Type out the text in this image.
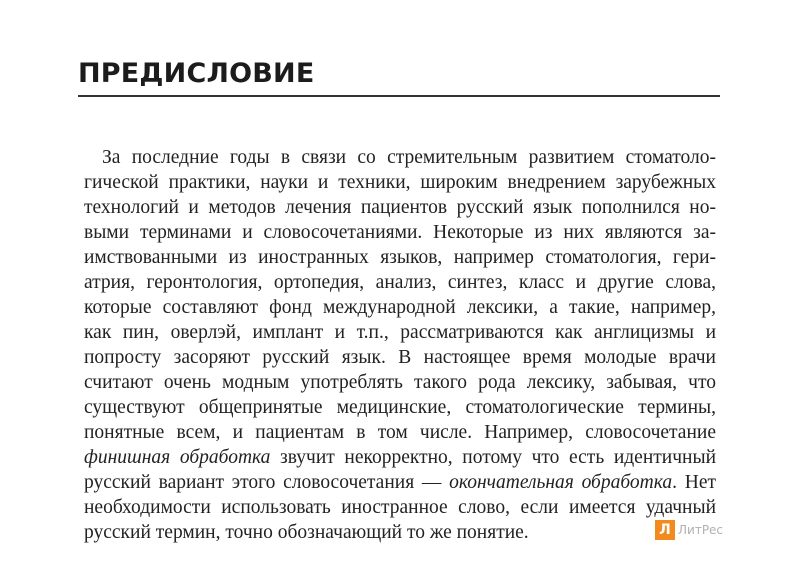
ПРЕДИСЛОВИЕ
За последние годы в связи со стремительным развитием стоматоло-
гической практики, науки и техники, широким внедрением зарубежных
технологий и методов лечения пациентов русский язык пополнился но-
выми терминами и словосочетаниями. Некоторые из них являются за-
имствованными из иностранных языков, например стоматология, гери-
атрия, геронтология, ортопедия, анализ, синтез, класс и другие слова,
которые составляют фонд международной лексики, а такие, например,
как пин, оверлэй, имплант и т.п., рассматриваются как англицизмы и
попросту засоряют русский язык. В настоящее время молодые врачи
считают очень модным употреблять такого рода лексику, забывая, что
существуют общепринятые медицинские, стоматологические термины,
понятные всем, и пациентам в том числе. Например, словосочетание
финишная обработка звучит некорректно, потому что есть идентичный
русский вариант этого словосочетания — окончательная обработка. Нет
необходимости использовать иностранное слово, если имеется удачный
русский термин, точно обозначающий то же понятие.	Л ЛитРес
